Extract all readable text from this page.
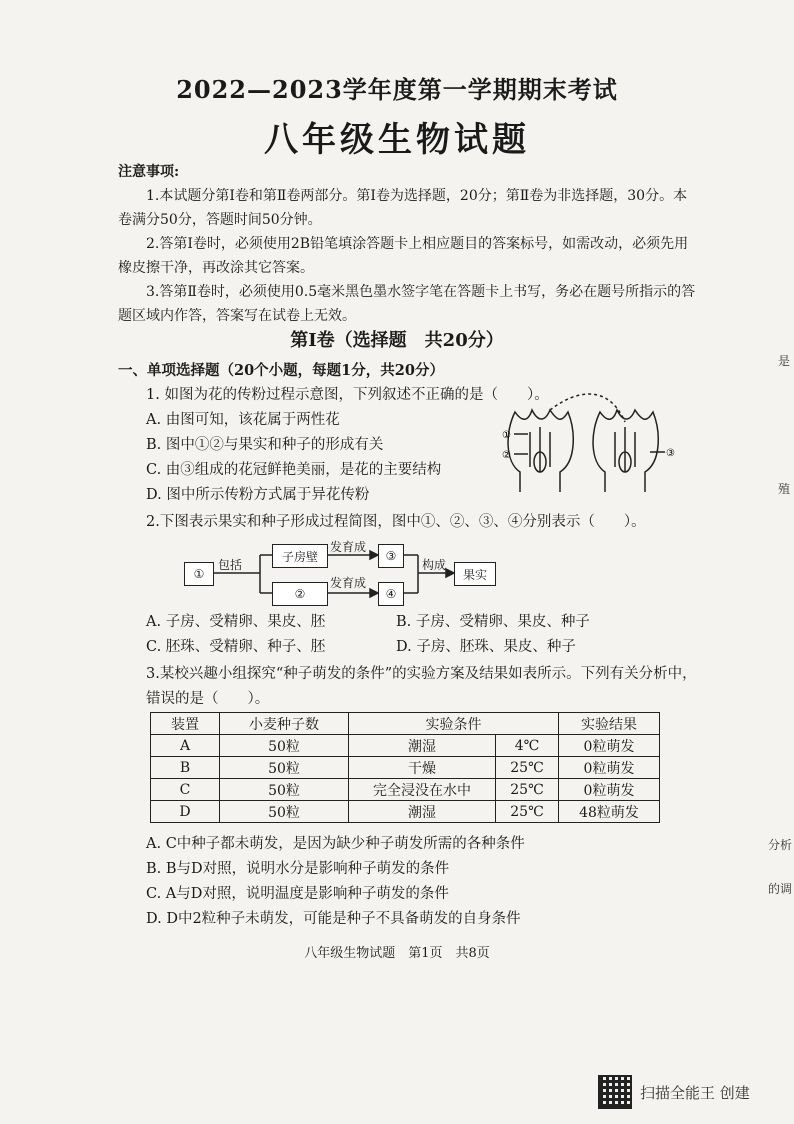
2022—2023学年度第一学期期末考试
八年级生物试题

注意事项:

1.本试题分第Ⅰ卷和第Ⅱ卷两部分。第Ⅰ卷为选择题，20分；第Ⅱ卷为非选择题，30分。本卷满分50分，答题时间50分钟。

2.答第Ⅰ卷时，必须使用2B铅笔填涂答题卡上相应题目的答案标号，如需改动，必须先用橡皮擦干净，再改涂其它答案。

3.答第Ⅱ卷时，必须使用0.5毫米黑色墨水签字笔在答题卡上书写，务必在题号所指示的答题区域内作答，答案写在试卷上无效。

第Ⅰ卷（选择题　共20分）

一、单项选择题（20个小题，每题1分，共20分）

1. 如图为花的传粉过程示意图，下列叙述不正确的是（　　）。

A. 由图可知，该花属于两性花

B. 图中①②与果实和种子的形成有关

C. 由③组成的花冠鲜艳美丽，是花的主要结构

D. 图中所示传粉方式属于异花传粉

①
②	③

2.下图表示果实和种子形成过程简图，图中①、②、③、④分别表示（　　）。

①
子房壁	③
②	④
果实
包括
发育成
发育成
构成
A. 子房、受精卵、果皮、胚	B. 子房、受精卵、果皮、种子
C. 胚珠、受精卵、种子、胚	D. 子房、胚珠、果皮、种子

3.某校兴趣小组探究“种子萌发的条件”的实验方案及结果如表所示。下列有关分析中，错误的是（　　）。

装置	小麦种子数	实验条件		实验结果
A	50粒	潮湿	4℃	0粒萌发
B	50粒	干燥	25℃	0粒萌发
C	50粒	完全浸没在水中	25℃	0粒萌发
D	50粒	潮湿	25℃	48粒萌发

A. C中种子都未萌发，是因为缺少种子萌发所需的各种条件

B. B与D对照，说明水分是影响种子萌发的条件

C. A与D对照，说明温度是影响种子萌发的条件

D. D中2粒种子未萌发，可能是种子不具备萌发的自身条件

八年级生物试题　第1页　共8页
是
殖
分析
的调
扫描全能王 创建
